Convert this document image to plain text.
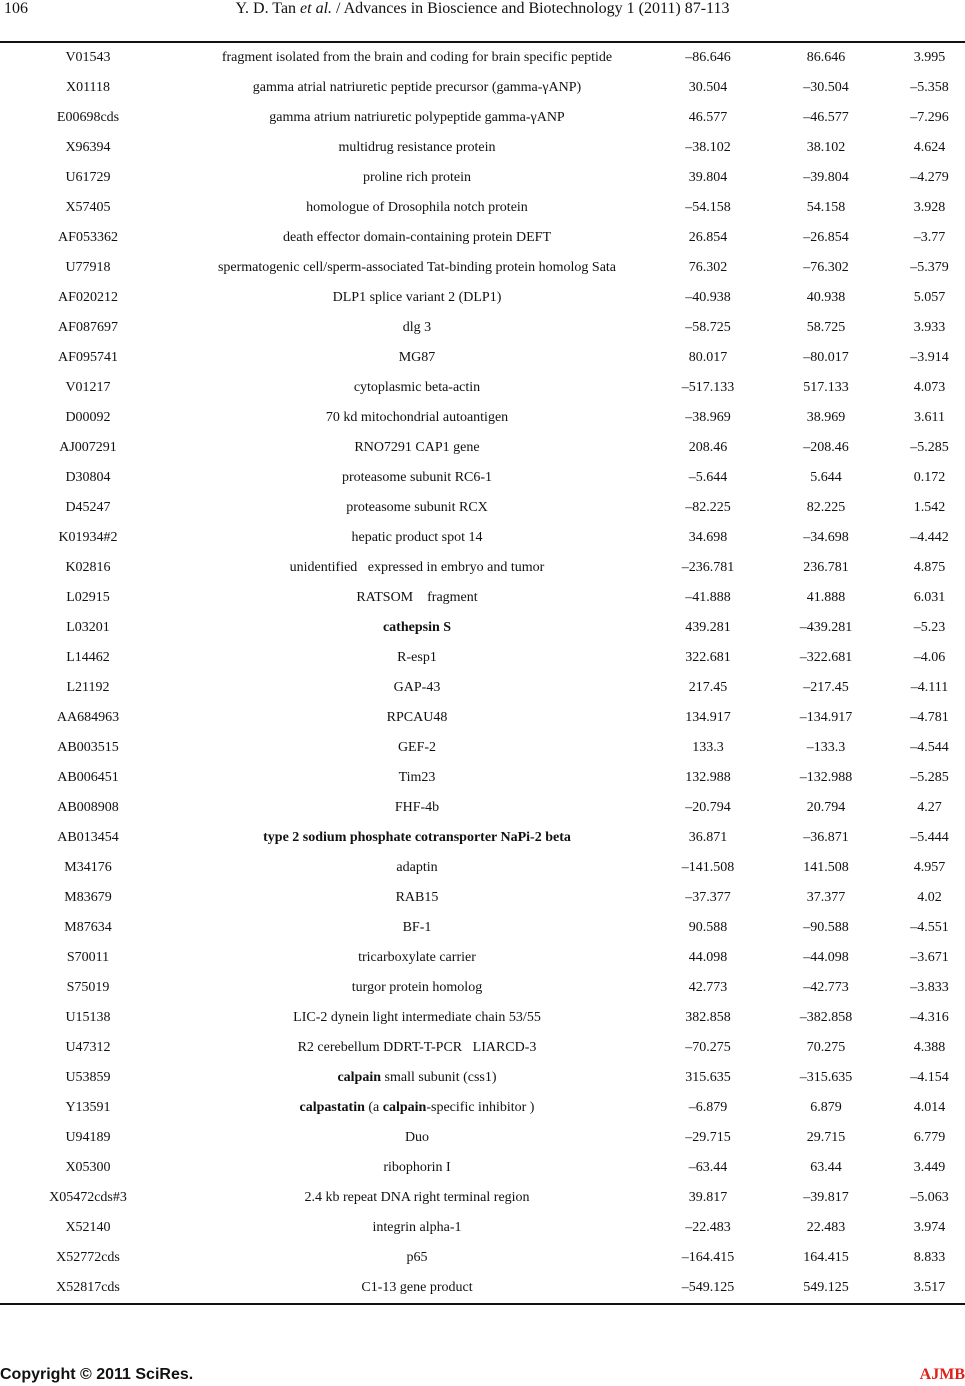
106	Y. D. Tan et al. / Advances in Bioscience and Biotechnology 1 (2011) 87-113
V01543	fragment isolated from the brain and coding for brain specific peptide	–86.646	86.646	3.995
X01118	gamma atrial natriuretic peptide precursor (gamma-γANP)	30.504	–30.504	–5.358
E00698cds	gamma atrium natriuretic polypeptide gamma-γANP	46.577	–46.577	–7.296
X96394	multidrug resistance protein	–38.102	38.102	4.624
U61729	proline rich protein	39.804	–39.804	–4.279
X57405	homologue of Drosophila notch protein	–54.158	54.158	3.928
AF053362	death effector domain-containing protein DEFT	26.854	–26.854	–3.77
U77918	spermatogenic cell/sperm-associated Tat-binding protein homolog Sata	76.302	–76.302	–5.379
AF020212	DLP1 splice variant 2 (DLP1)	–40.938	40.938	5.057
AF087697	dlg 3	–58.725	58.725	3.933
AF095741	MG87	80.017	–80.017	–3.914
V01217	cytoplasmic beta-actin	–517.133	517.133	4.073
D00092	70 kd mitochondrial autoantigen	–38.969	38.969	3.611
AJ007291	RNO7291 CAP1 gene	208.46	–208.46	–5.285
D30804	proteasome subunit RC6-1	–5.644	5.644	0.172
D45247	proteasome subunit RCX	–82.225	82.225	1.542
K01934#2	hepatic product spot 14	34.698	–34.698	–4.442
K02816	unidentified   expressed in embryo and tumor	–236.781	236.781	4.875
L02915	RATSOM    fragment	–41.888	41.888	6.031
L03201	cathepsin S	439.281	–439.281	–5.23
L14462	R-esp1	322.681	–322.681	–4.06
L21192	GAP-43	217.45	–217.45	–4.111
AA684963	RPCAU48	134.917	–134.917	–4.781
AB003515	GEF-2	133.3	–133.3	–4.544
AB006451	Tim23	132.988	–132.988	–5.285
AB008908	FHF-4b	–20.794	20.794	4.27
AB013454	type 2 sodium phosphate cotransporter NaPi-2 beta	36.871	–36.871	–5.444
M34176	adaptin	–141.508	141.508	4.957
M83679	RAB15	–37.377	37.377	4.02
M87634	BF-1	90.588	–90.588	–4.551
S70011	tricarboxylate carrier	44.098	–44.098	–3.671
S75019	turgor protein homolog	42.773	–42.773	–3.833
U15138	LIC-2 dynein light intermediate chain 53/55	382.858	–382.858	–4.316
U47312	R2 cerebellum DDRT-T-PCR   LIARCD-3	–70.275	70.275	4.388
U53859	calpain small subunit (css1)	315.635	–315.635	–4.154
Y13591	calpastatin (a calpain-specific inhibitor )	–6.879	6.879	4.014
U94189	Duo	–29.715	29.715	6.779
X05300	ribophorin I	–63.44	63.44	3.449
X05472cds#3	2.4 kb repeat DNA right terminal region	39.817	–39.817	–5.063
X52140	integrin alpha-1	–22.483	22.483	3.974
X52772cds	p65	–164.415	164.415	8.833
X52817cds	C1-13 gene product	–549.125	549.125	3.517
Copyright © 2011 SciRes.	AJMB
